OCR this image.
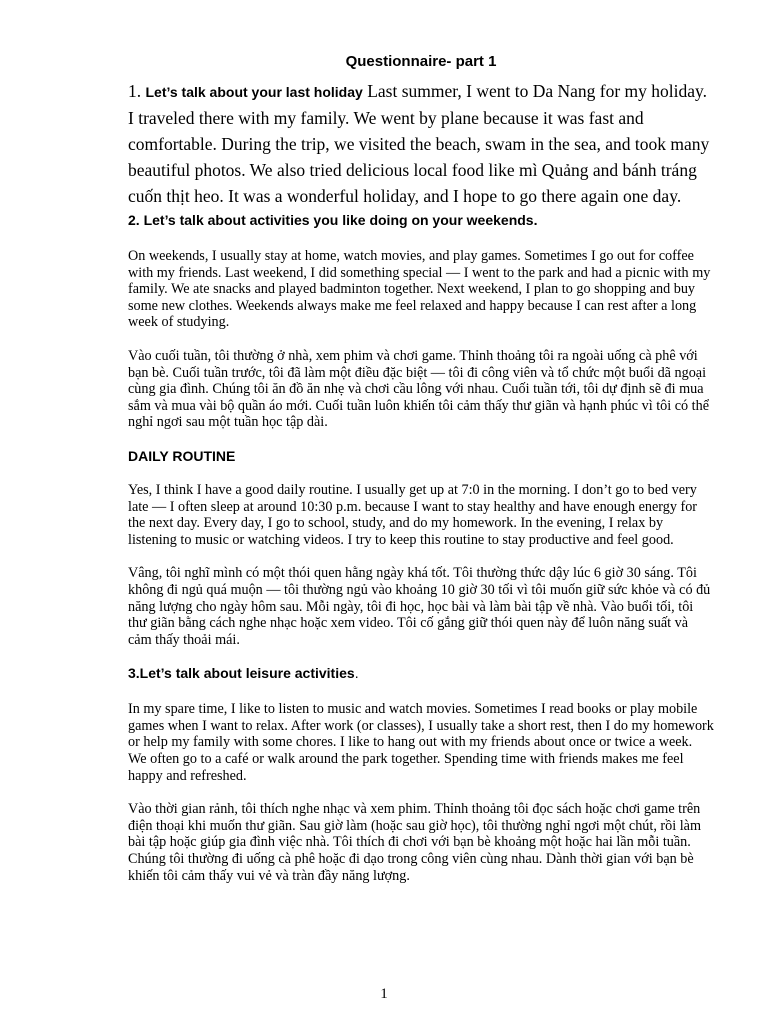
Questionnaire- part 1

1. Let’s talk about your last holiday Last summer, I went to Da Nang for my holiday. I traveled there with my family. We went by plane because it was fast and comfortable. During the trip, we visited the beach, swam in the sea, and took many beautiful photos. We also tried delicious local food like mì Quảng and bánh tráng cuốn thịt heo. It was a wonderful holiday, and I hope to go there again one day.

2. Let’s talk about activities you like doing on your weekends.

On weekends, I usually stay at home, watch movies, and play games. Sometimes I go out for coffee with my friends. Last weekend, I did something special — I went to the park and had a picnic with my family. We ate snacks and played badminton together. Next weekend, I plan to go shopping and buy some new clothes. Weekends always make me feel relaxed and happy because I can rest after a long week of studying.

Vào cuối tuần, tôi thường ở nhà, xem phim và chơi game. Thỉnh thoảng tôi ra ngoài uống cà phê với bạn bè. Cuối tuần trước, tôi đã làm một điều đặc biệt — tôi đi công viên và tổ chức một buổi dã ngoại cùng gia đình. Chúng tôi ăn đồ ăn nhẹ và chơi cầu lông với nhau. Cuối tuần tới, tôi dự định sẽ đi mua sắm và mua vài bộ quần áo mới. Cuối tuần luôn khiến tôi cảm thấy thư giãn và hạnh phúc vì tôi có thể nghỉ ngơi sau một tuần học tập dài.

DAILY ROUTINE

Yes, I think I have a good daily routine. I usually get up at 7:0 in the morning. I don’t go to bed very late — I often sleep at around 10:30 p.m. because I want to stay healthy and have enough energy for the next day. Every day, I go to school, study, and do my homework. In the evening, I relax by listening to music or watching videos. I try to keep this routine to stay productive and feel good.

Vâng, tôi nghĩ mình có một thói quen hằng ngày khá tốt. Tôi thường thức dậy lúc 6 giờ 30 sáng. Tôi không đi ngủ quá muộn — tôi thường ngủ vào khoảng 10 giờ 30 tối vì tôi muốn giữ sức khỏe và có đủ năng lượng cho ngày hôm sau. Mỗi ngày, tôi đi học, học bài và làm bài tập về nhà. Vào buổi tối, tôi thư giãn bằng cách nghe nhạc hoặc xem video. Tôi cố gắng giữ thói quen này để luôn năng suất và cảm thấy thoải mái.

3.Let’s talk about leisure activities.

In my spare time, I like to listen to music and watch movies. Sometimes I read books or play mobile games when I want to relax. After work (or classes), I usually take a short rest, then I do my homework or help my family with some chores. I like to hang out with my friends about once or twice a week. We often go to a café or walk around the park together. Spending time with friends makes me feel happy and refreshed.

Vào thời gian rảnh, tôi thích nghe nhạc và xem phim. Thỉnh thoảng tôi đọc sách hoặc chơi game trên điện thoại khi muốn thư giãn. Sau giờ làm (hoặc sau giờ học), tôi thường nghỉ ngơi một chút, rồi làm bài tập hoặc giúp gia đình việc nhà. Tôi thích đi chơi với bạn bè khoảng một hoặc hai lần mỗi tuần. Chúng tôi thường đi uống cà phê hoặc đi dạo trong công viên cùng nhau. Dành thời gian với bạn bè khiến tôi cảm thấy vui vẻ và tràn đầy năng lượng.

1
